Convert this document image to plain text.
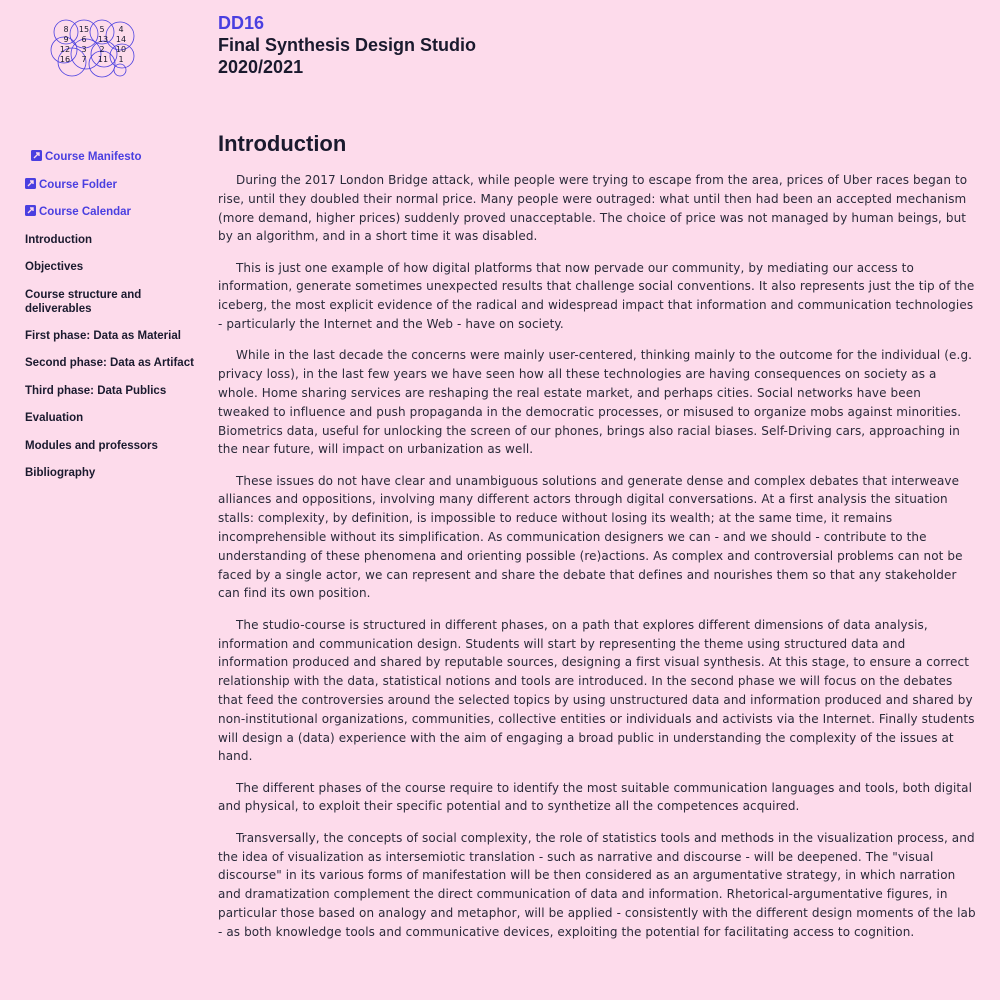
8 15 5 4
9 6 13 14
12 3 2 10
16 7 11 1
DD16
Final Synthesis Design Studio
2020/2021
Course Manifesto
Course Folder
Course Calendar
Introduction
Objectives
Course structure and deliverables
First phase: Data as Material
Second phase: Data as Artifact
Third phase: Data Publics
Evaluation
Modules and professors
Bibliography
Introduction

During the 2017 London Bridge attack, while people were trying to escape from the area, prices of Uber races began to rise, until they doubled their normal price. Many people were outraged: what until then had been an accepted mechanism (more demand, higher prices) suddenly proved unacceptable. The choice of price was not managed by human beings, but by an algorithm, and in a short time it was disabled.

This is just one example of how digital platforms that now pervade our community, by mediating our access to information, generate sometimes unexpected results that challenge social conventions. It also represents just the tip of the iceberg, the most explicit evidence of the radical and widespread impact that information and communication technologies - particularly the Internet and the Web - have on society.

While in the last decade the concerns were mainly user-centered, thinking mainly to the outcome for the individual (e.g. privacy loss), in the last few years we have seen how all these technologies are having consequences on society as a whole. Home sharing services are reshaping the real estate market, and perhaps cities. Social networks have been tweaked to influence and push propaganda in the democratic processes, or misused to organize mobs against minorities. Biometrics data, useful for unlocking the screen of our phones, brings also racial biases. Self-Driving cars, approaching in the near future, will impact on urbanization as well.

These issues do not have clear and unambiguous solutions and generate dense and complex debates that interweave alliances and oppositions, involving many different actors through digital conversations. At a first analysis the situation stalls: complexity, by definition, is impossible to reduce without losing its wealth; at the same time, it remains incomprehensible without its simplification. As communication designers we can - and we should - contribute to the understanding of these phenomena and orienting possible (re)actions. As complex and controversial problems can not be faced by a single actor, we can represent and share the debate that defines and nourishes them so that any stakeholder can find its own position.

The studio-course is structured in different phases, on a path that explores different dimensions of data analysis, information and communication design. Students will start by representing the theme using structured data and information produced and shared by reputable sources, designing a first visual synthesis. At this stage, to ensure a correct relationship with the data, statistical notions and tools are introduced. In the second phase we will focus on the debates that feed the controversies around the selected topics by using unstructured data and information produced and shared by non-institutional organizations, communities, collective entities or individuals and activists via the Internet. Finally students will design a (data) experience with the aim of engaging a broad public in understanding the complexity of the issues at hand.

The different phases of the course require to identify the most suitable communication languages and tools, both digital and physical, to exploit their specific potential and to synthetize all the competences acquired.

Transversally, the concepts of social complexity, the role of statistics tools and methods in the visualization process, and the idea of visualization as intersemiotic translation - such as narrative and discourse - will be deepened. The "visual discourse" in its various forms of manifestation will be then considered as an argumentative strategy, in which narration and dramatization complement the direct communication of data and information. Rhetorical-argumentative figures, in particular those based on analogy and metaphor, will be applied - consistently with the different design moments of the lab - as both knowledge tools and communicative devices, exploiting the potential for facilitating access to cognition.
